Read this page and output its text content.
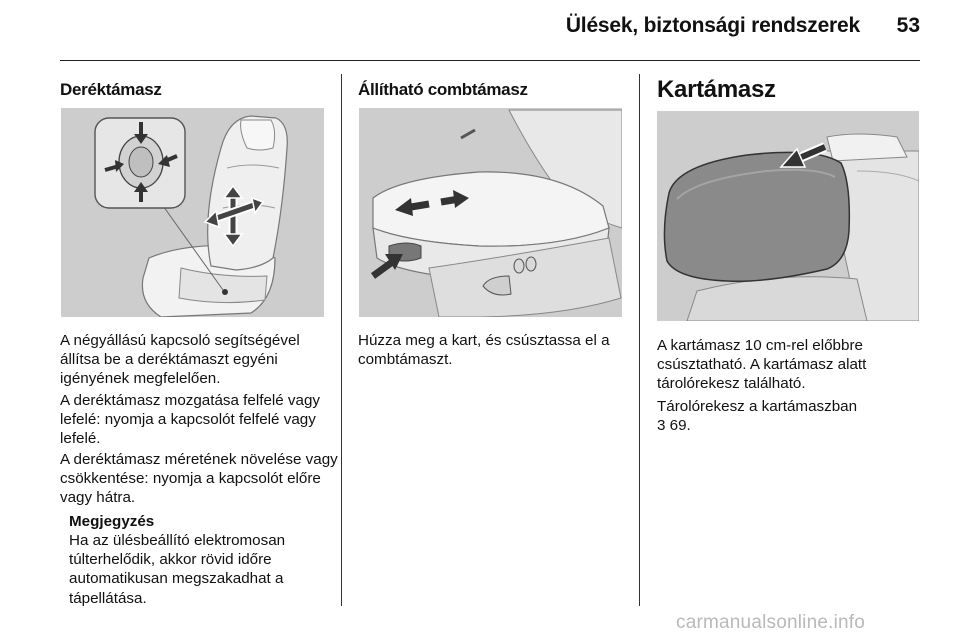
Ülések, biztonsági rendszerek	53
Deréktámasz

A négyállású kapcsoló segítségével állítsa be a deréktámaszt egyéni igényének megfelelően.

A deréktámasz mozgatása felfelé vagy lefelé: nyomja a kapcsolót felfelé vagy lefelé.

A deréktámasz méretének növelése vagy csökkentése: nyomja a kapcsolót előre vagy hátra.

Megjegyzés

Ha az ülésbeállító elektromosan túlterhelődik, akkor rövid időre automatikusan megszakadhat a tápellátása.

Állítható combtámasz

Húzza meg a kart, és csúsztassa el a combtámaszt.

Kartámasz

A kartámasz 10 cm-rel előbbre csúsztatható. A kartámasz alatt tárolórekesz található.

Tárolórekesz a kartámaszban

3 69.

carmanualsonline.info
